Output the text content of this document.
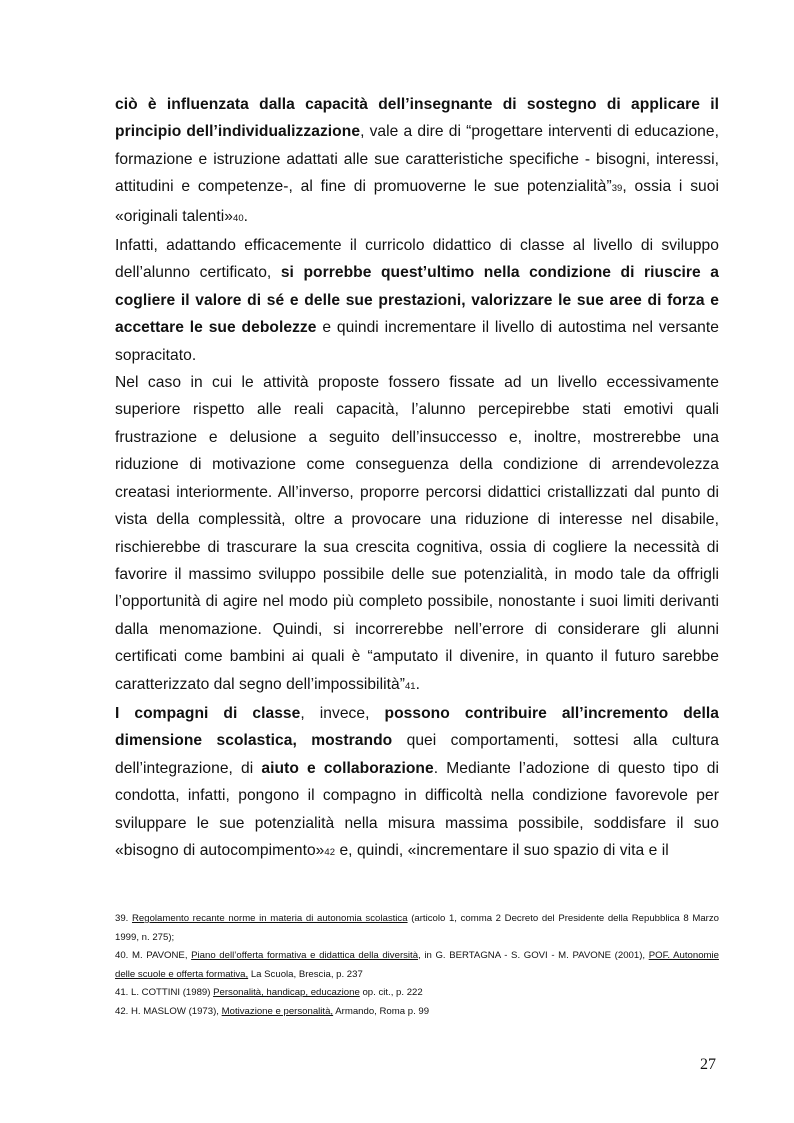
ciò è influenzata dalla capacità dell’insegnante di sostegno di applicare il principio dell’individualizzazione, vale a dire di “progettare interventi di educazione, formazione e istruzione adattati alle sue caratteristiche specifiche - bisogni, interessi, attitudini e competenze-, al fine di promuoverne le sue potenzialità”39, ossia i suoi «originali talenti»40.

Infatti, adattando efficacemente il curricolo didattico di classe al livello di sviluppo dell’alunno certificato, si porrebbe quest’ultimo nella condizione di riuscire a cogliere il valore di sé e delle sue prestazioni, valorizzare le sue aree di forza e accettare le sue debolezze e quindi incrementare il livello di autostima nel versante sopracitato.

Nel caso in cui le attività proposte fossero fissate ad un livello eccessivamente superiore rispetto alle reali capacità, l’alunno percepirebbe stati emotivi quali frustrazione e delusione a seguito dell’insuccesso e, inoltre, mostrerebbe una riduzione di motivazione come conseguenza della condizione di arrendevolezza creatasi interiormente. All’inverso, proporre percorsi didattici cristallizzati dal punto di vista della complessità, oltre a provocare una riduzione di interesse nel disabile, rischierebbe di trascurare la sua crescita cognitiva, ossia di cogliere la necessità di favorire il massimo sviluppo possibile delle sue potenzialità, in modo tale da offrigli l’opportunità di agire nel modo più completo possibile, nonostante i suoi limiti derivanti dalla menomazione. Quindi, si incorrerebbe nell’errore di considerare gli alunni certificati come bambini ai quali è “amputato il divenire, in quanto il futuro sarebbe caratterizzato dal segno dell’impossibilità”41.

I compagni di classe, invece, possono contribuire all’incremento della dimensione scolastica, mostrando quei comportamenti, sottesi alla cultura dell’integrazione, di aiuto e collaborazione. Mediante l’adozione di questo tipo di condotta, infatti, pongono il compagno in difficoltà nella condizione favorevole per sviluppare le sue potenzialità nella misura massima possibile, soddisfare il suo «bisogno di autocompimento»42 e, quindi, «incrementare il suo spazio di vita e il

39. Regolamento recante norme in materia di autonomia scolastica (articolo 1, comma 2 Decreto del Presidente della Repubblica 8 Marzo 1999, n. 275);

40. M. PAVONE, Piano dell’offerta formativa e didattica della diversità, in G. BERTAGNA - S. GOVI - M. PAVONE (2001), POF. Autonomie delle scuole e offerta formativa, La Scuola, Brescia, p. 237

41. L. COTTINI (1989) Personalità, handicap, educazione op. cit., p. 222

42. H. MASLOW (1973), Motivazione e personalità, Armando, Roma p. 99

27
